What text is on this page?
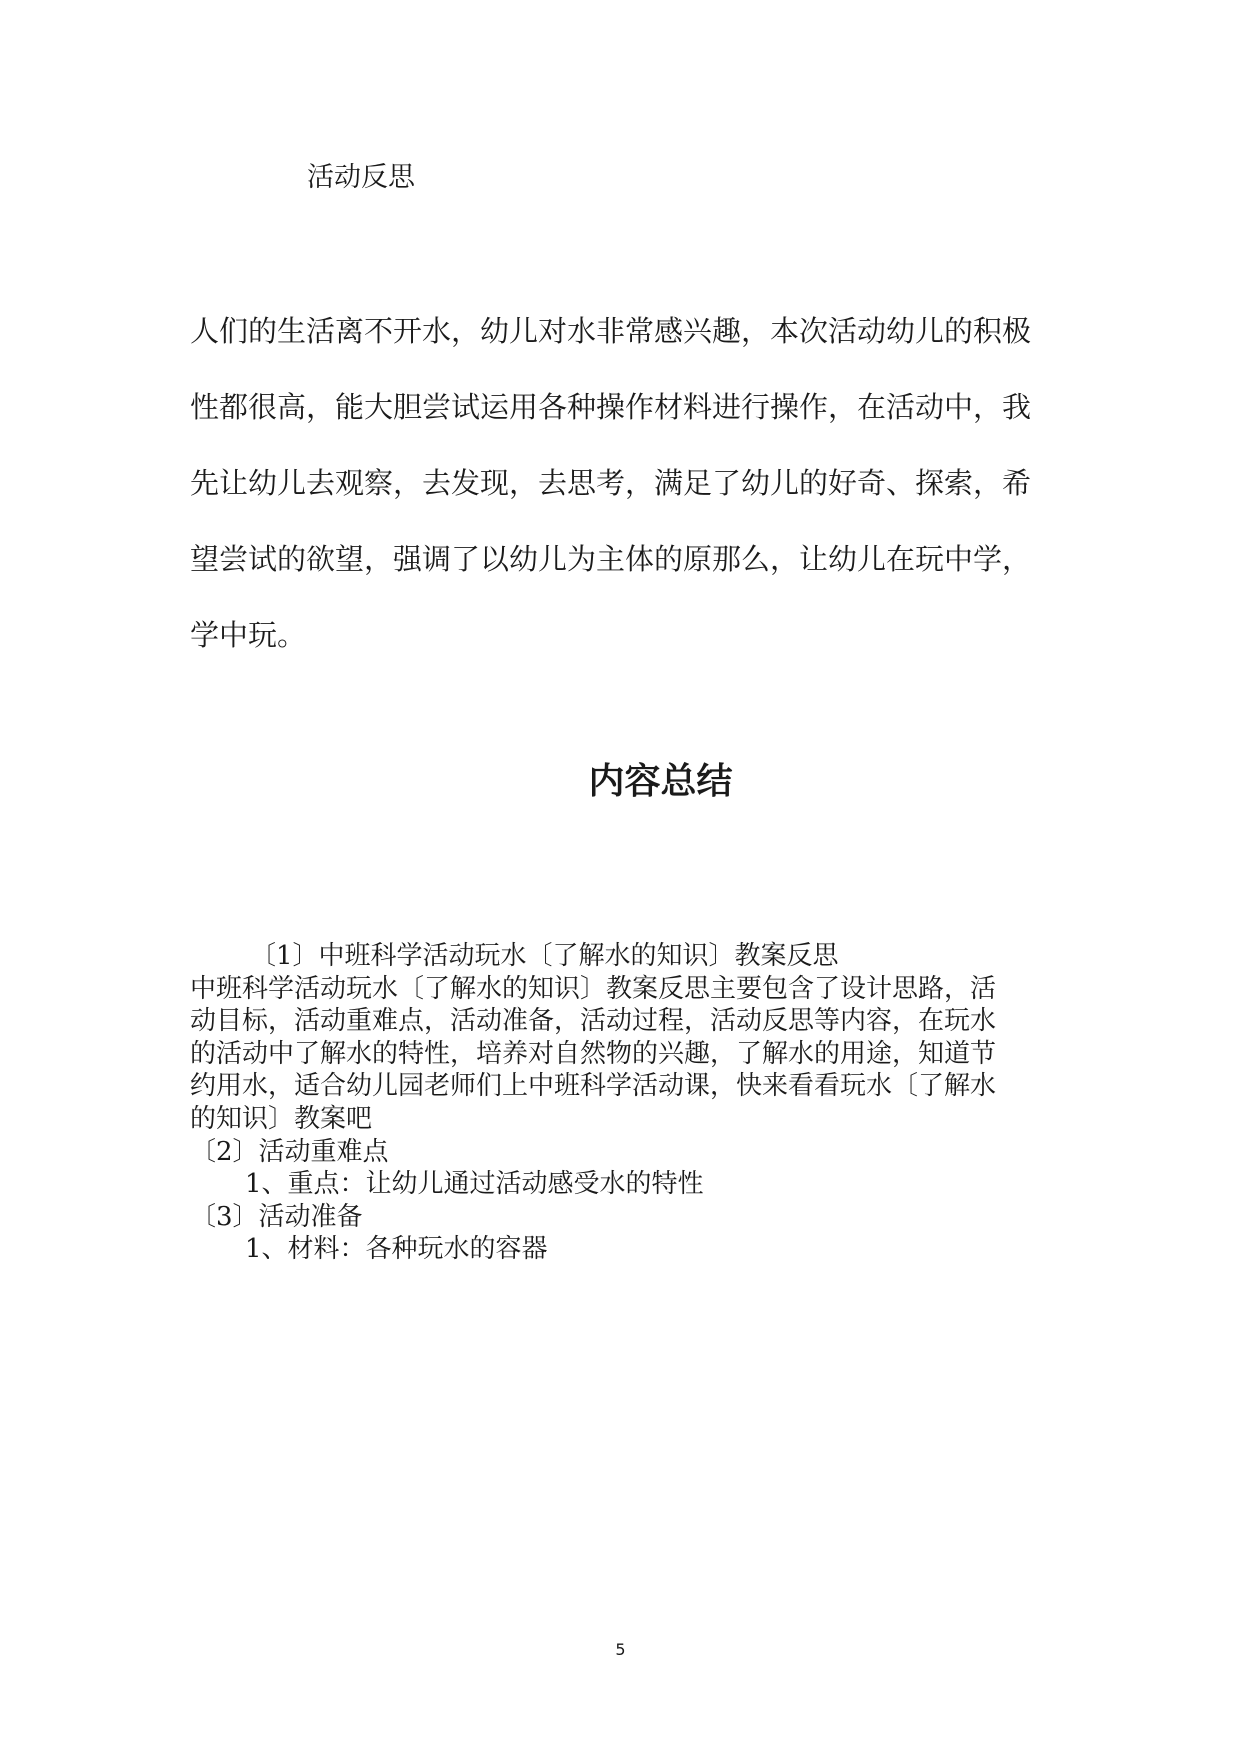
活动反思
人们的生活离不开水，幼儿对水非常感兴趣，本次活动幼儿的积极
性都很高，能大胆尝试运用各种操作材料进行操作，在活动中，我
先让幼儿去观察，去发现，去思考，满足了幼儿的好奇、探索，希
望尝试的欲望，强调了以幼儿为主体的原那么，让幼儿在玩中学，
学中玩。
内容总结
〔1〕中班科学活动玩水〔了解水的知识〕教案反思
中班科学活动玩水〔了解水的知识〕教案反思主要包含了设计思路，活
动目标，活动重难点，活动准备，活动过程，活动反思等内容，在玩水
的活动中了解水的特性，培养对自然物的兴趣，了解水的用途，知道节
约用水，适合幼儿园老师们上中班科学活动课，快来看看玩水〔了解水
的知识〕教案吧
〔2〕活动重难点
1、重点：让幼儿通过活动感受水的特性
〔3〕活动准备
1、材料：各种玩水的容器
5
